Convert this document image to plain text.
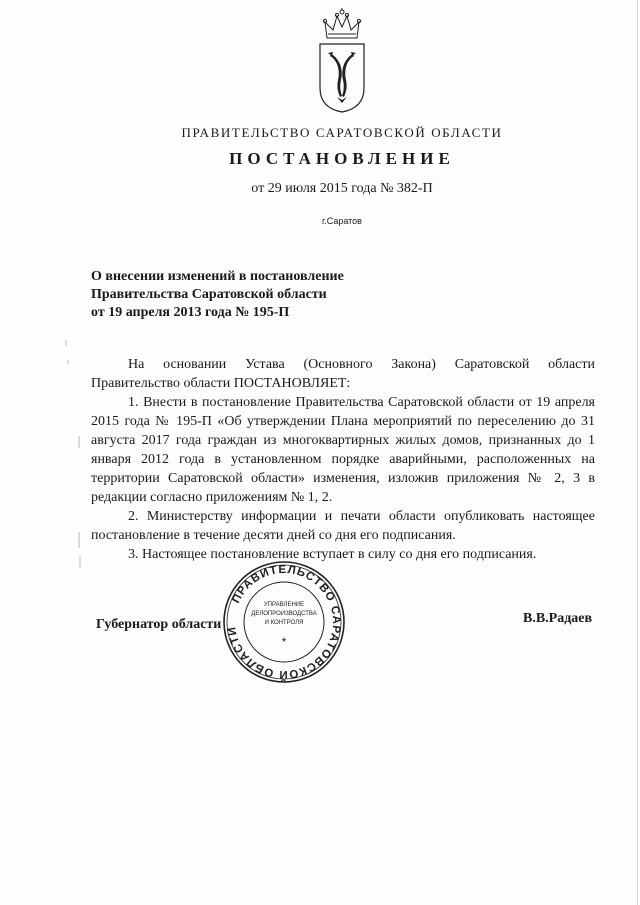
ПРАВИТЕЛЬСТВО САРАТОВСКОЙ ОБЛАСТИ
ПОСТАНОВЛЕНИЕ
от 29 июля 2015 года № 382-П
г.Саратов
О внесении изменений в постановление
Правительства Саратовской области
от 19 апреля 2013 года № 195-П

На основании Устава (Основного Закона) Саратовской области Правительство области ПОСТАНОВЛЯЕТ:

1. Внести в постановление Правительства Саратовской области от 19 апреля 2015 года № 195-П «Об утверждении Плана мероприятий по переселению до 31 августа 2017 года граждан из многоквартирных жилых домов, признанных до 1 января 2012 года в установленном порядке аварийными, расположенных на территории Саратовской области» изменения, изложив приложения № 2, 3 в редакции согласно приложениям № 1, 2.

2. Министерству информации и печати области опубликовать настоящее постановление в течение десяти дней со дня его подписания.

3. Настоящее постановление вступает в силу со дня его подписания.

Губернатор области	В.В.Радаев
ПРАВИТЕЛЬСТВО САРАТОВСКОЙ ОБЛАСТИ
УПРАВЛЕНИЕ
ДЕЛОПРОИЗВОДСТВА
И КОНТРОЛЯ
*
